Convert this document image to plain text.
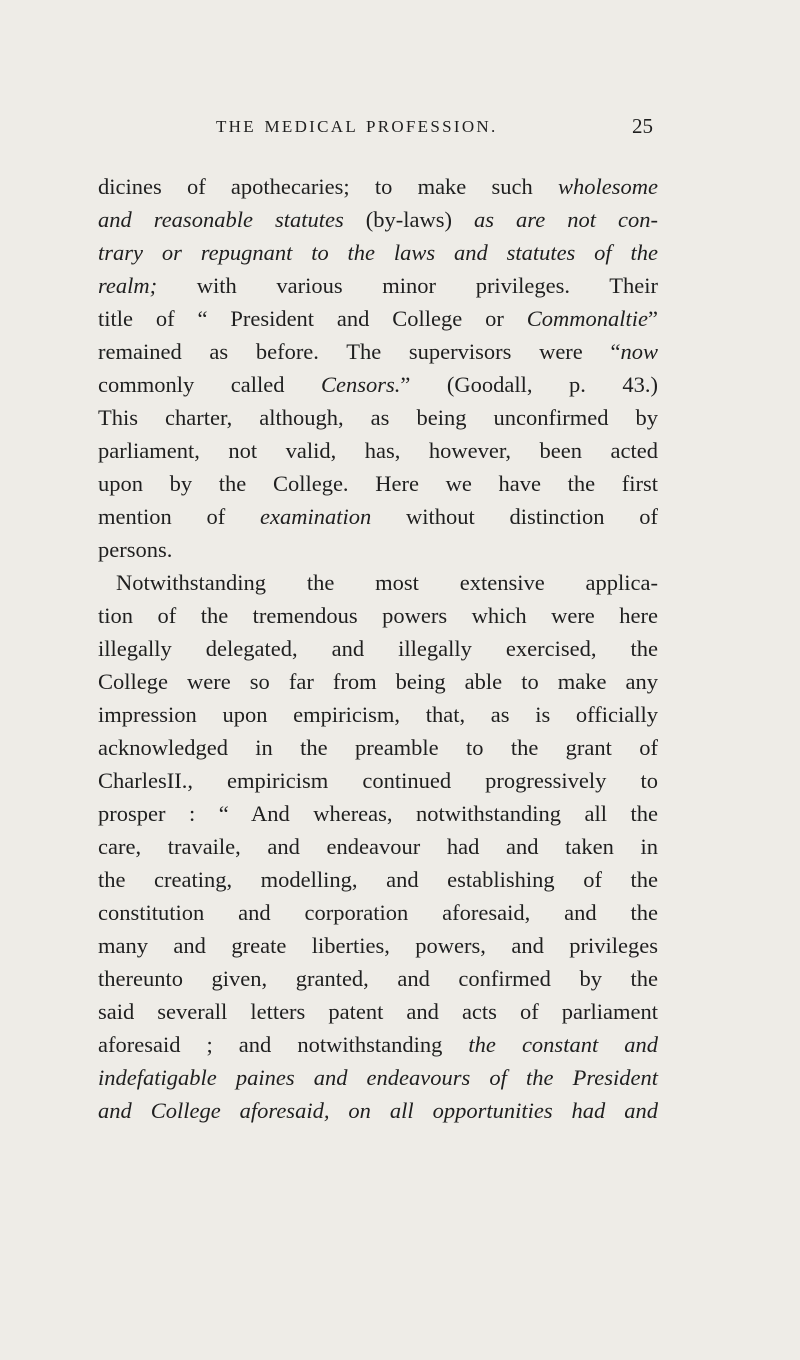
THE MEDICAL PROFESSION.	25
dicines of apothecaries; to make such wholesome
and reasonable statutes (by-laws) as are not con-
trary or repugnant to the laws and statutes of the
realm; with various minor privileges. Their
title of “ President and College or Commonaltie”
remained as before. The supervisors were “now
commonly called Censors.” (Goodall, p. 43.)
This charter, although, as being unconfirmed by
parliament, not valid, has, however, been acted
upon by the College. Here we have the first
mention of examination without distinction of
persons.
Notwithstanding the most extensive applica-
tion of the tremendous powers which were here
illegally delegated, and illegally exercised, the
College were so far from being able to make any
impression upon empiricism, that, as is officially
acknowledged in the preamble to the grant of
CharlesII., empiricism continued progressively to
prosper : “ And whereas, notwithstanding all the
care, travaile, and endeavour had and taken in
the creating, modelling, and establishing of the
constitution and corporation aforesaid, and the
many and greate liberties, powers, and privileges
thereunto given, granted, and confirmed by the
said severall letters patent and acts of parliament
aforesaid ; and notwithstanding the constant and
indefatigable paines and endeavours of the President
and College aforesaid, on all opportunities had and
